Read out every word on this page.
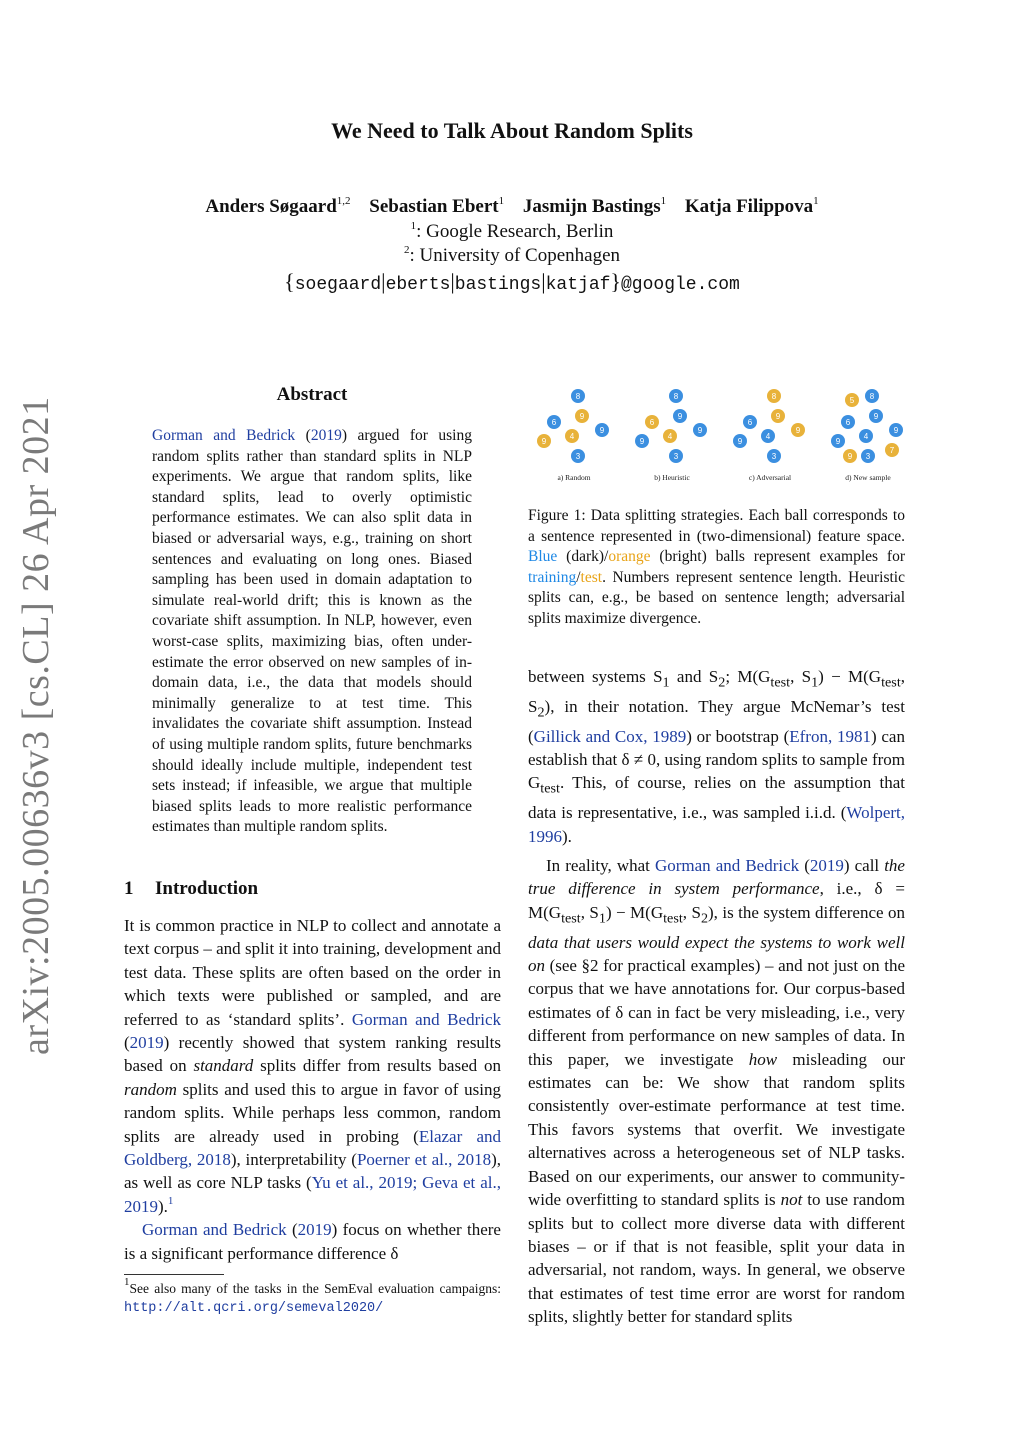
arXiv:2005.00636v3 [cs.CL] 26 Apr 2021
We Need to Talk About Random Splits
Anders Søgaard$^{1,2}$ Sebastian Ebert$^1$ Jasmijn Bastings$^1$ Katja Filippova$^1$
$^1$: Google Research, Berlin
$^2$: University of Copenhagen
{soegaard|eberts|bastings|katjaf}@google.com
Abstract
Gorman and Bedrick (2019) argued for using random splits rather than standard splits in NLP experiments. We argue that random splits, like standard splits, lead to overly optimistic performance estimates. We can also split data in biased or adversarial ways, e.g., training on short sentences and evaluating on long ones. Biased sampling has been used in domain adaptation to simulate real-world drift; this is known as the covariate shift assumption. In NLP, however, even worst-case splits, maximizing bias, often under-estimate the error observed on new samples of in-domain data, i.e., the data that models should minimally generalize to at test time. This invalidates the covariate shift assumption. Instead of using multiple random splits, future benchmarks should ideally include multiple, independent test sets instead; if infeasible, we argue that multiple biased splits leads to more realistic performance estimates than multiple random splits.
1 Introduction

It is common practice in NLP to collect and annotate a text corpus – and split it into training, development and test data. These splits are often based on the order in which texts were published or sampled, and are referred to as ‘standard splits’. Gorman and Bedrick (2019) recently showed that system ranking results based on standard splits differ from results based on random splits and used this to argue in favor of using random splits. While perhaps less common, random splits are already used in probing (Elazar and Goldberg, 2018), interpretability (Poerner et al., 2018), as well as core NLP tasks (Yu et al., 2019; Geva et al., 2019).$^1$

Gorman and Bedrick (2019) focus on whether there is a significant performance difference δ

$^1$See also many of the tasks in the SemEval evaluation campaigns: http://alt.qcri.org/semeval2020/
8
6
9
9
4
9
3
a) Random
8
6
9
9
4
9
3
b) Heuristic
8
6
9
9
4
9
3
c) Adversarial
5 8
6
9
9
4
9
9 3
7
d) New sample
Figure 1: Data splitting strategies. Each ball corresponds to a sentence represented in (two-dimensional) feature space. Blue (dark)/orange (bright) balls represent examples for training/test. Numbers represent sentence length. Heuristic splits can, e.g., be based on sentence length; adversarial splits maximize divergence.

between systems $S_1$ and $S_2$; $M(G_{test}$, $S_1) - M(G_{test}$, $S_2$), in their notation. They argue McNemar’s test (Gillick and Cox, 1989) or bootstrap (Efron, 1981) can establish that δ ≠ 0, using random splits to sample from $G_{test}$. This, of course, relies on the assumption that data is representative, i.e., was sampled i.i.d. (Wolpert, 1996).

In reality, what Gorman and Bedrick (2019) call the true difference in system performance, i.e., $\delta = M(G_{test}$, $S_1) - M(G_{test}$, $S_2$), is the system difference on data that users would expect the systems to work well on (see §2 for practical examples) – and not just on the corpus that we have annotations for. Our corpus-based estimates of δ can in fact be very misleading, i.e., very different from performance on new samples of data. In this paper, we investigate how misleading our estimates can be: We show that random splits consistently over-estimate performance at test time. This favors systems that overfit. We investigate alternatives across a heterogeneous set of NLP tasks. Based on our experiments, our answer to community-wide overfitting to standard splits is not to use random splits but to collect more diverse data with different biases – or if that is not feasible, split your data in adversarial, not random, ways. In general, we observe that estimates of test time error are worst for random splits, slightly better for standard splits
